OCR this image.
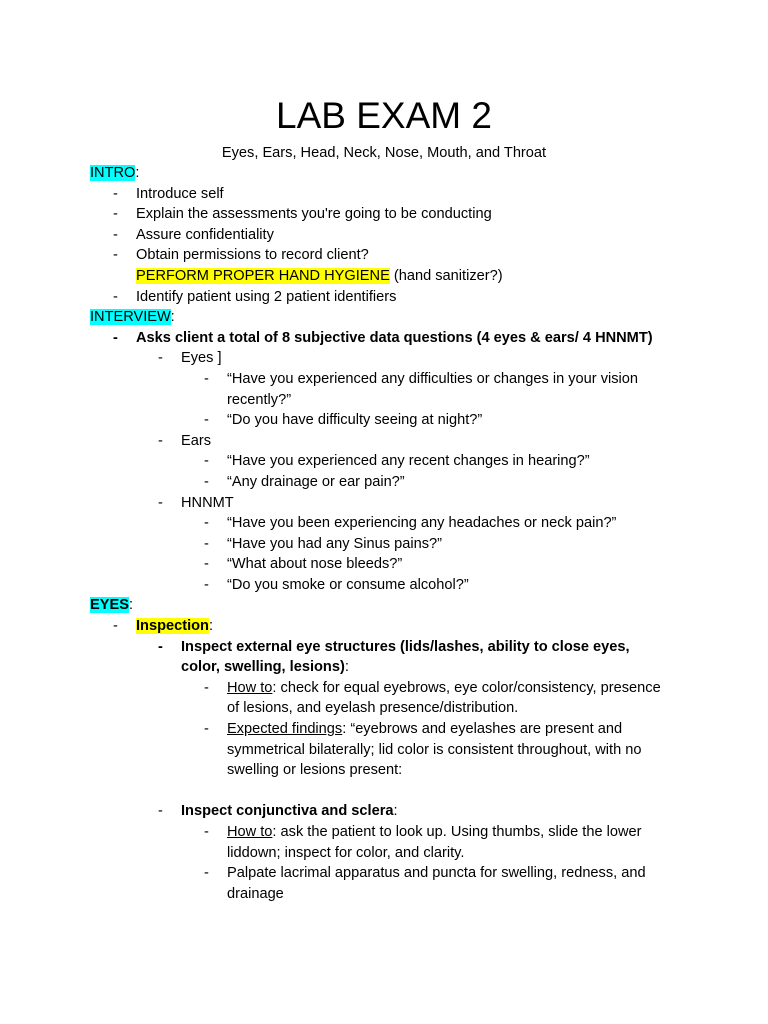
LAB EXAM 2
Eyes, Ears, Head, Neck, Nose, Mouth, and Throat
INTRO:
- Introduce self
- Explain the assessments you're going to be conducting
- Assure confidentiality
- Obtain permissions to record client?
PERFORM PROPER HAND HYGIENE (hand sanitizer?)
- Identify patient using 2 patient identifiers
INTERVIEW:
- Asks client a total of 8 subjective data questions (4 eyes & ears/ 4 HNNMT)
- Eyes ]
- “Have you experienced any difficulties or changes in your vision
recently?”
- “Do you have difficulty seeing at night?”
- Ears
- “Have you experienced any recent changes in hearing?”
- “Any drainage or ear pain?”
- HNNMT
- “Have you been experiencing any headaches or neck pain?”
- “Have you had any Sinus pains?”
- “What about nose bleeds?”
- “Do you smoke or consume alcohol?”
EYES:
- Inspection:
- Inspect external eye structures (lids/lashes, ability to close eyes,
color, swelling, lesions):
- How to: check for equal eyebrows, eye color/consistency, presence
of lesions, and eyelash presence/distribution.
- Expected findings: “eyebrows and eyelashes are present and
symmetrical bilaterally; lid color is consistent throughout, with no
swelling or lesions present:
- Inspect conjunctiva and sclera:
- How to: ask the patient to look up. Using thumbs, slide the lower
liddown; inspect for color, and clarity.
- Palpate lacrimal apparatus and puncta for swelling, redness, and
drainage
